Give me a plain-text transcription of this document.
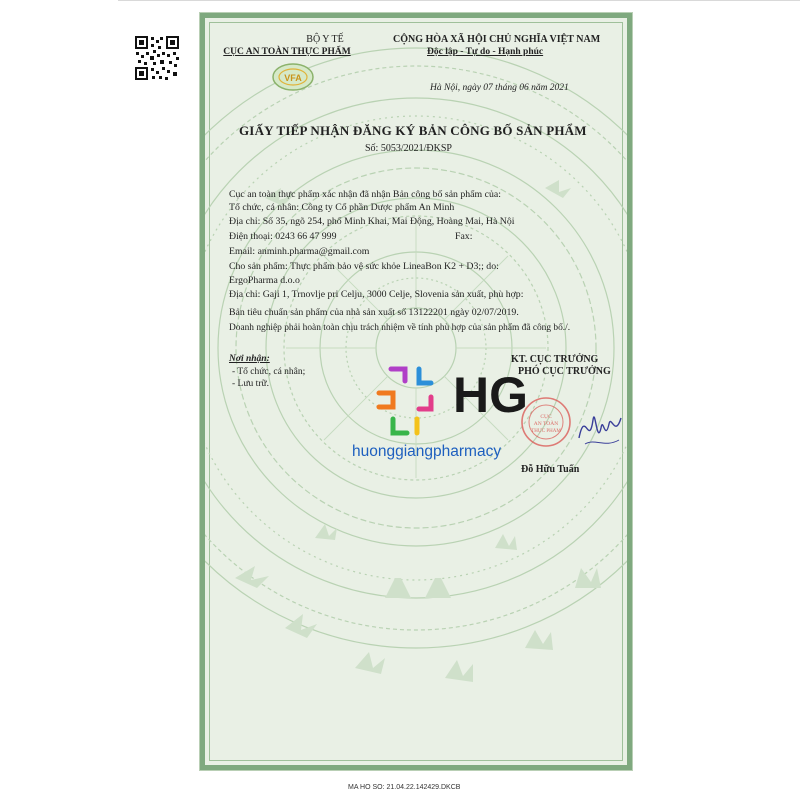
BỘ Y TẾ
CỤC AN TOÀN THỰC PHẨM
VFA
CỘNG HÒA XÃ HỘI CHỦ NGHĨA VIỆT NAM
Độc lập - Tự do - Hạnh phúc
Hà Nội, ngày 07 tháng 06 năm 2021
GIẤY TIẾP NHẬN ĐĂNG KÝ BẢN CÔNG BỐ SẢN PHẨM
Số: 5053/2021/ĐKSP
Cục an toàn thực phẩm xác nhận đã nhận Bản công bố sản phẩm của:
Tổ chức, cá nhân: Công ty Cổ phần Dược phẩm An Minh
Địa chỉ: Số 35, ngõ 254, phố Minh Khai, Mai Động, Hoàng Mai, Hà Nội
Điện thoại: 0243 66 47 999	Fax:
Email: anminh.pharma@gmail.com
Cho sản phẩm: Thực phẩm bảo vệ sức khỏe LineaBon K2 + D3;; do:
ErgoPharma d.o.o
Địa chỉ: Gaji 1, Trnovlje pri Celju, 3000 Celje, Slovenia sản xuất, phù hợp:
Bản tiêu chuẩn sản phẩm của nhà sản xuất số 13122201 ngày 02/07/2019.
Doanh nghiệp phải hoàn toàn chịu trách nhiệm về tính phù hợp của sản phẩm đã công bố./.
Nơi nhận:
- Tổ chức, cá nhân;
- Lưu trữ.
KT. CỤC TRƯỞNG
PHÓ CỤC TRƯỞNG
CỤC
AN TOÀN
THỰC PHẨM
Đỗ Hữu Tuấn
HG
huonggiangpharmacy
MA HO SO: 21.04.22.142429.DKCB
